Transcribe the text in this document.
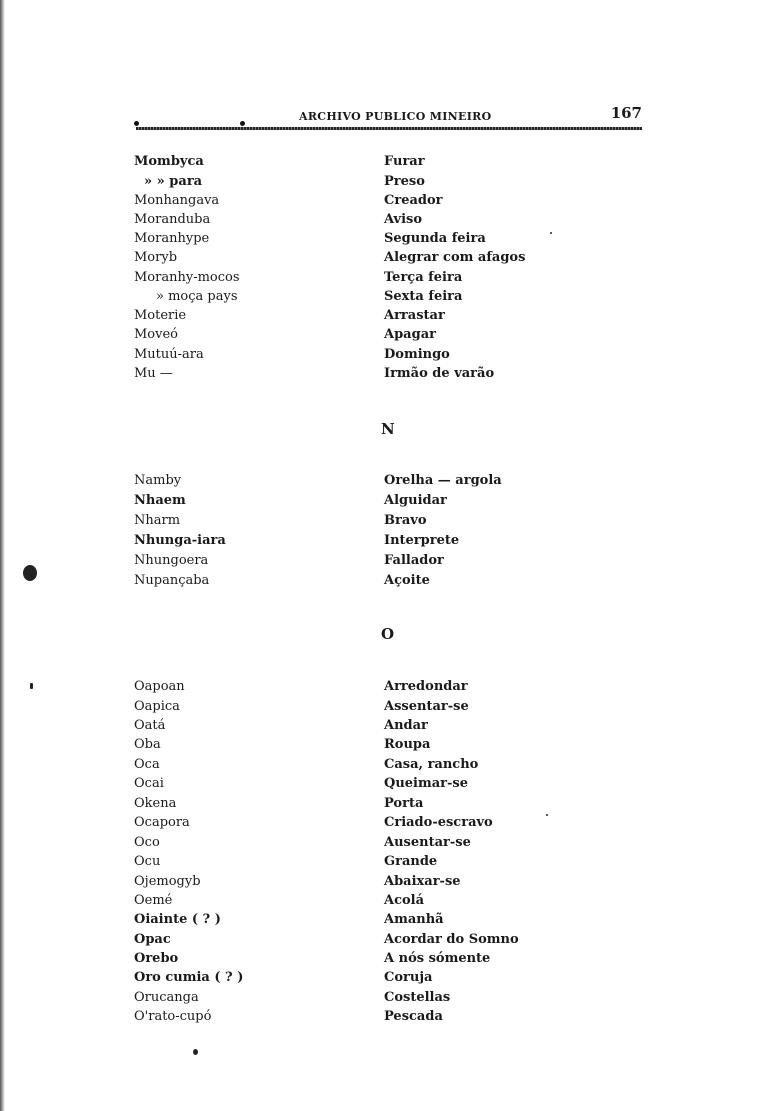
ARCHIVO PUBLICO MINEIRO	167
Mombyca	Furar
» » para	Preso
Monhangava	Creador
Moranduba	Aviso
Moranhype	Segunda feira
Moryb	Alegrar com afagos
Moranhy-mocos	Terça feira
» moça pays	Sexta feira
Moterie	Arrastar
Moveó	Apagar
Mutuú-ara	Domingo
Mu —	Irmão de varão
N
Namby	Orelha — argola
Nhaem	Alguidar
Nharm	Bravo
Nhunga-iara	Interprete
Nhungoera	Fallador
Nupançaba	Açoite
O
Oapoan	Arredondar
Oapica	Assentar-se
Oatá	Andar
Oba	Roupa
Oca	Casa, rancho
Ocai	Queimar-se
Okena	Porta
Ocapora	Criado-escravo
Oco	Ausentar-se
Ocu	Grande
Ojemogyb	Abaixar-se
Oemé	Acolá
Oiainte ( ? )	Amanhã
Opac	Acordar do Somno
Orebo	A nós sómente
Oro cumia ( ? )	Coruja
Orucanga	Costellas
O'rato-cupó	Pescada
